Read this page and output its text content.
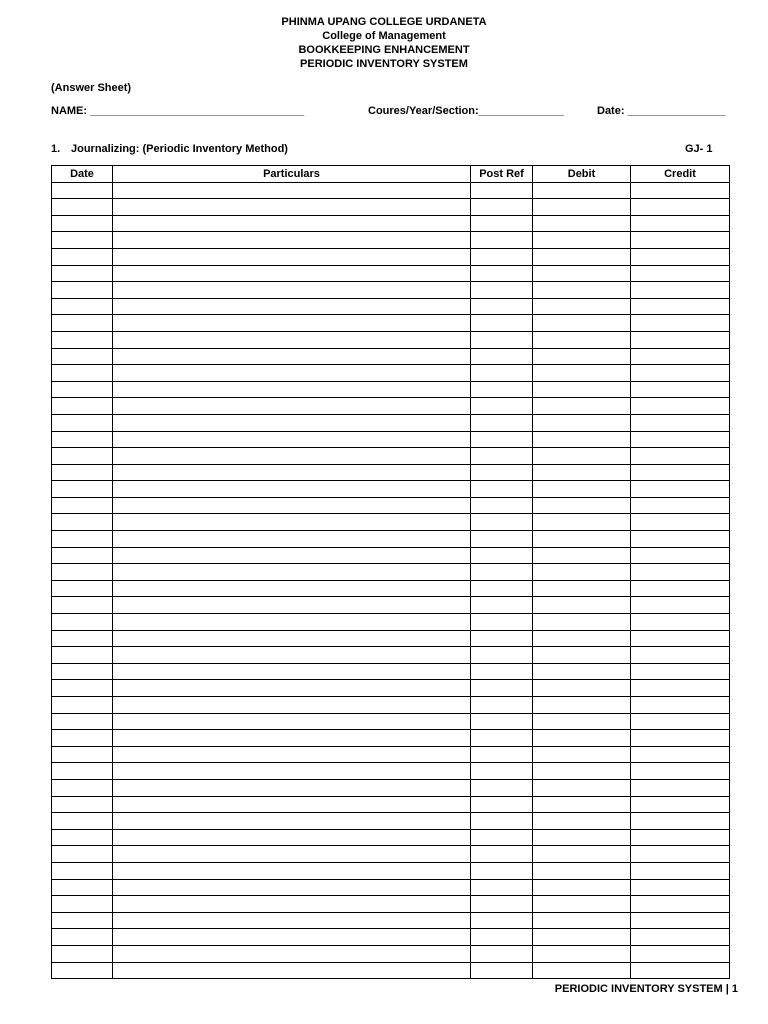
PHINMA UPANG COLLEGE URDANETA
College of Management
BOOKKEEPING ENHANCEMENT
PERIODIC INVENTORY SYSTEM
(Answer Sheet)
NAME: ___________________________________	Coures/Year/Section:______________	Date: ________________
1. Journalizing: (Periodic Inventory Method)	GJ- 1
Date	Particulars	Post Ref	Debit	Credit

PERIODIC INVENTORY SYSTEM | 1
